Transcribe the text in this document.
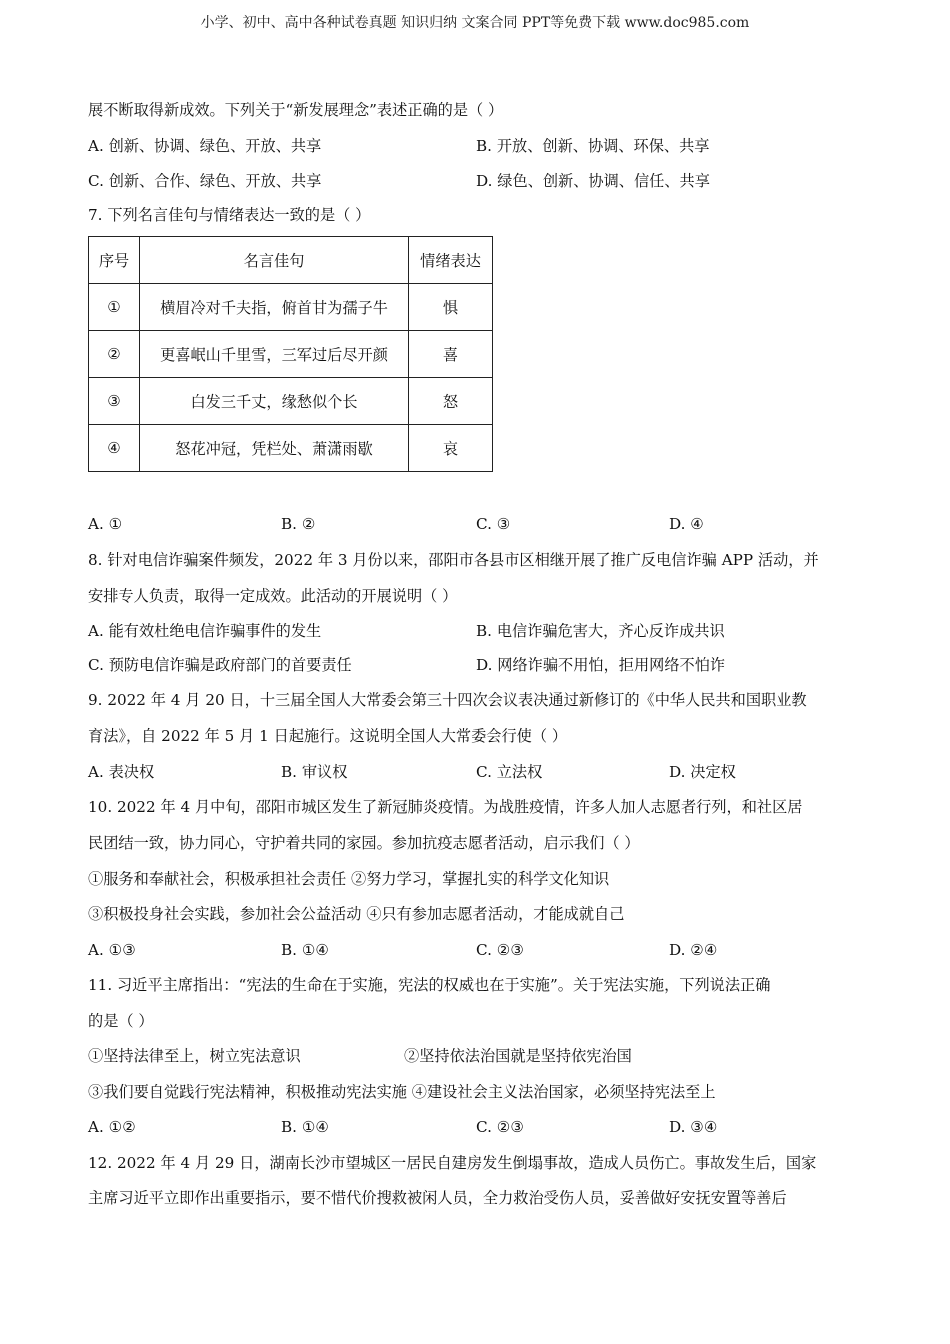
小学、初中、高中各种试卷真题 知识归纳 文案合同 PPT等免费下载 www.doc985.com
展不断取得新成效。下列关于“新发展理念”表述正确的是（ ）
A. 创新、协调、绿色、开放、共享	B. 开放、创新、协调、环保、共享
C. 创新、合作、绿色、开放、共享	D. 绿色、创新、协调、信任、共享
7. 下列名言佳句与情绪表达一致的是（ ）
序号	名言佳句	情绪表达
①	横眉冷对千夫指，俯首甘为孺子牛	惧
②	更喜岷山千里雪，三军过后尽开颜	喜
③	白发三千丈，缘愁似个长	怒
④	怒花冲冠，凭栏处、萧潇雨歇	哀
A. ①	B. ②	C. ③	D. ④
8. 针对电信诈骗案件频发，2022 年 3 月份以来，邵阳市各县市区相继开展了推广反电信诈骗 APP 活动，并
安排专人负责，取得一定成效。此活动的开展说明（ ）
A. 能有效杜绝电信诈骗事件的发生	B. 电信诈骗危害大，齐心反诈成共识
C. 预防电信诈骗是政府部门的首要责任	D. 网络诈骗不用怕，拒用网络不怕诈
9. 2022 年 4 月 20 日，十三届全国人大常委会第三十四次会议表决通过新修订的《中华人民共和国职业教
育法》，自 2022 年 5 月 1 日起施行。这说明全国人大常委会行使（ ）
A. 表决权	B. 审议权	C. 立法权	D. 决定权
10. 2022 年 4 月中旬，邵阳市城区发生了新冠肺炎疫情。为战胜疫情，许多人加人志愿者行列，和社区居
民团结一致，协力同心，守护着共同的家园。参加抗疫志愿者活动，启示我们（ ）
①服务和奉献社会，积极承担社会责任 ②努力学习，掌握扎实的科学文化知识
③积极投身社会实践，参加社会公益活动 ④只有参加志愿者活动，才能成就自己
A. ①③	B. ①④	C. ②③	D. ②④
11. 习近平主席指出：“宪法的生命在于实施，宪法的权威也在于实施”。关于宪法实施，下列说法正确
的是（ ）
①坚持法律至上，树立宪法意识	②坚持依法治国就是坚持依宪治国
③我们要自觉践行宪法精神，积极推动宪法实施 ④建设社会主义法治国家，必须坚持宪法至上
A. ①②	B. ①④	C. ②③	D. ③④
12. 2022 年 4 月 29 日，湖南长沙市望城区一居民自建房发生倒塌事故，造成人员伤亡。事故发生后，国家
主席习近平立即作出重要指示，要不惜代价搜救被闲人员，全力救治受伤人员，妥善做好安抚安置等善后
